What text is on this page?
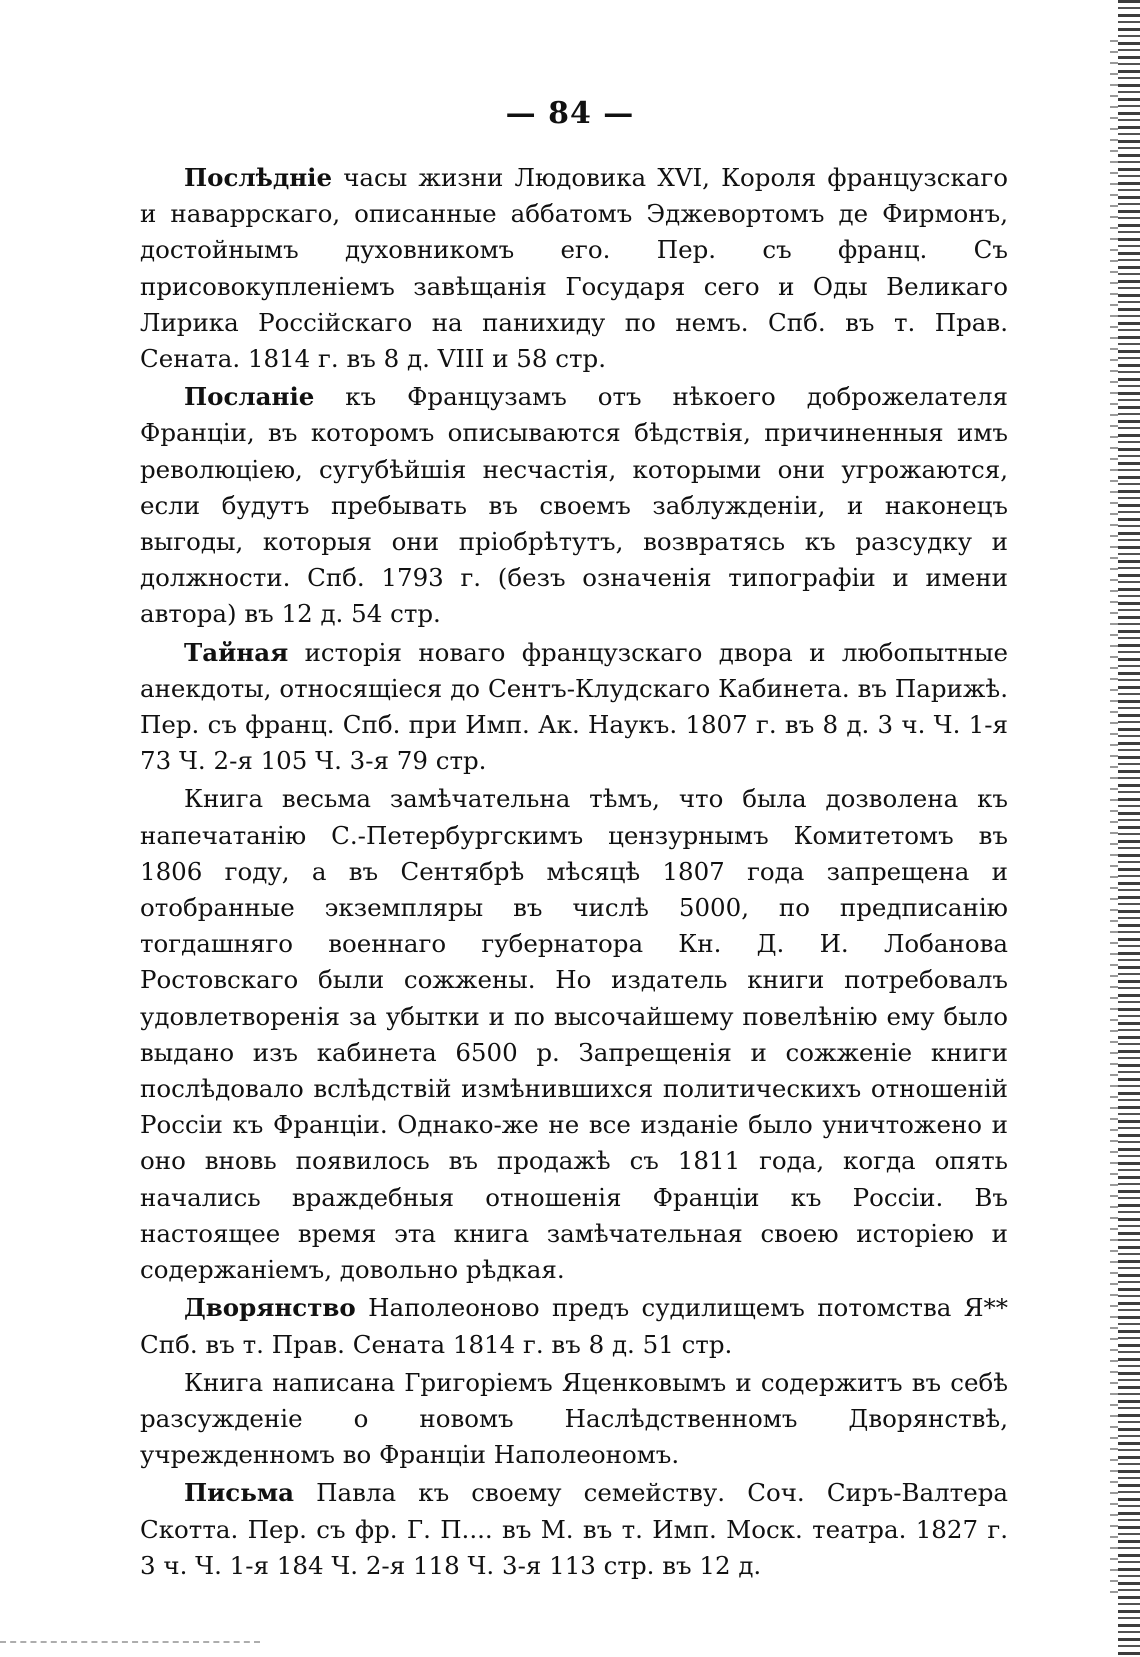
— 84 —

Послѣдніе часы жизни Людовика XVI, Короля французскаго и наваррскаго, описанные аббатомъ Эджевортомъ де Фирмонъ, достойнымъ духовникомъ его. Пер. съ франц. Съ присовокупленіемъ завѣщанія Государя сего и Оды Великаго Лирика Россійскаго на панихиду по немъ. Спб. въ т. Прав. Сената. 1814 г. въ 8 д. VIII и 58 стр.

Посланіе къ Французамъ отъ нѣкоего доброжелателя Франціи, въ которомъ описываются бѣдствія, причиненныя имъ революціею, сугубѣйшія несчастія, которыми они угрожаются, если будутъ пребывать въ своемъ заблужденіи, и наконецъ выгоды, которыя они пріобрѣтутъ, возвратясь къ разсудку и должности. Спб. 1793 г. (безъ означенія типографіи и имени автора) въ 12 д. 54 стр.

Тайная исторія новаго французскаго двора и любопытные анекдоты, относящіеся до Сентъ-Клудскаго Кабинета. въ Парижѣ. Пер. съ франц. Спб. при Имп. Ак. Наукъ. 1807 г. въ 8 д. 3 ч. Ч. 1-я 73 Ч. 2-я 105 Ч. 3-я 79 стр.

Книга весьма замѣчательна тѣмъ, что была дозволена къ напечатанію С.-Петербургскимъ цензурнымъ Комитетомъ въ 1806 году, а въ Сентябрѣ мѣсяцѣ 1807 года запрещена и отобранные экземпляры въ числѣ 5000, по предписанію тогдашняго военнаго губернатора Кн. Д. И. Лобанова Ростовскаго были сожжены. Но издатель книги потребовалъ удовлетворенія за убытки и по высочайшему повелѣнію ему было выдано изъ кабинета 6500 р. Запрещенія и сожженіе книги послѣдовало вслѣдствій измѣнившихся политическихъ отношеній Россіи къ Франціи. Однако-же не все изданіе было уничтожено и оно вновь появилось въ продажѣ съ 1811 года, когда опять начались враждебныя отношенія Франціи къ Россіи. Въ настоящее время эта книга замѣчательная своею исторіею и содержаніемъ, довольно рѣдкая.

Дворянство Наполеоново предъ судилищемъ потомства Я** Спб. въ т. Прав. Сената 1814 г. въ 8 д. 51 стр.

Книга написана Григоріемъ Яценковымъ и содержитъ въ себѣ разсужденіе о новомъ Наслѣдственномъ Дворянствѣ, учрежденномъ во Франціи Наполеономъ.

Письма Павла къ своему семейству. Соч. Сиръ-Валтера Скотта. Пер. съ фр. Г. П.... въ М. въ т. Имп. Моск. театра. 1827 г. 3 ч. Ч. 1-я 184 Ч. 2-я 118 Ч. 3-я 113 стр. въ 12 д.
